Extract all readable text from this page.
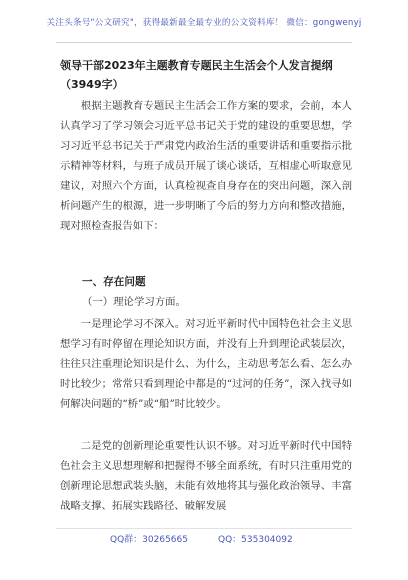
关注头条号"公文研究"，获得最新最全最专业的公文资料库！ 微信：gongwenyj
领导干部2023年主题教育专题民主生活会个人发言提纲
（3949字）
根据主题教育专题民主生活会工作方案的要求，会前，本人认真学习了学习领会习近平总书记关于党的建设的重要思想，学习习近平总书记关于严肃党内政治生活的重要讲话和重要指示批示精神等材料，与班子成员开展了谈心谈话，互相虚心听取意见建议，对照六个方面，认真检视查自身存在的突出问题，深入剖析问题产生的根源，进一步明晰了今后的努力方向和整改措施，现对照检查报告如下：
一、存在问题
（一）理论学习方面。
一是理论学习不深入。对习近平新时代中国特色社会主义思想学习有时停留在理论知识方面，并没有上升到理论武装层次，往往只注重理论知识是什么、为什么，主动思考怎么看、怎么办时比较少；常常只看到理论中都是的“过河的任务”，深入找寻如何解决问题的“桥”或“船”时比较少。
二是党的创新理论重要性认识不够。对习近平新时代中国特色社会主义思想理解和把握得不够全面系统，有时只注重用党的创新理论思想武装头脑，未能有效地将其与强化政治领导、丰富战略支撑、拓展实践路径、破解发展
QQ群：30265665	QQ：535304092
